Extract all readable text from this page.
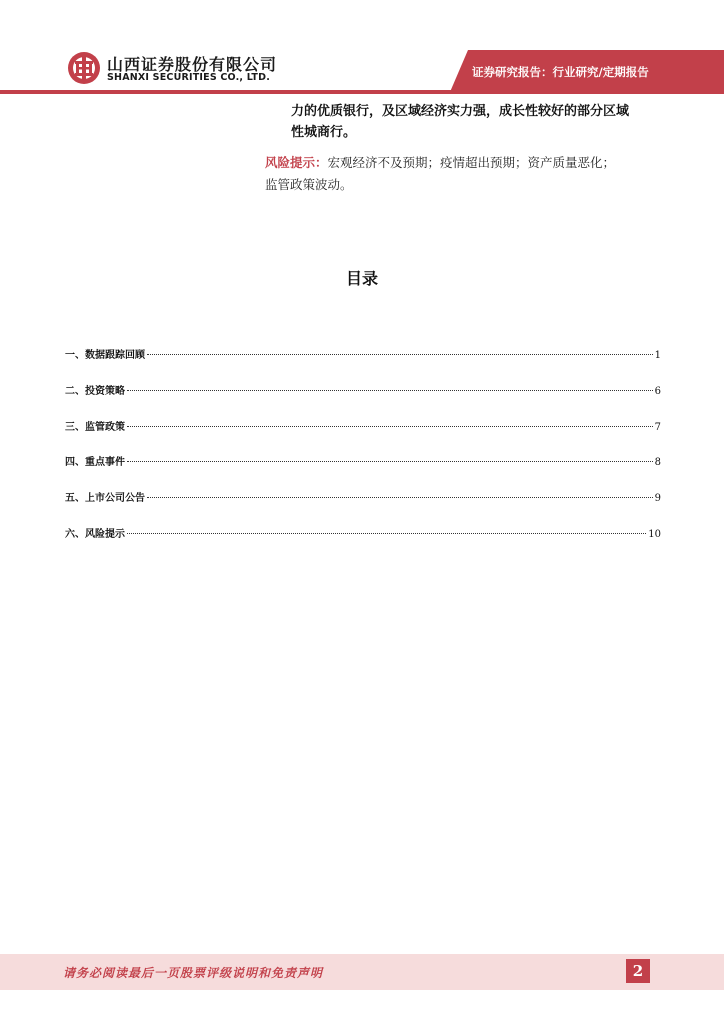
山西证券股份有限公司
SHANXI SECURITIES CO., LTD.	证券研究报告：行业研究/定期报告
力的优质银行，及区域经济实力强，成长性较好的部分区域
性城商行。
风险提示：宏观经济不及预期；疫情超出预期；资产质量恶化；
监管政策波动。
目录
一、数据跟踪回顾	1
二、投资策略	6
三、监管政策	7
四、重点事件	8
五、上市公司公告	9
六、风险提示	10
请务必阅读最后一页股票评级说明和免责声明	2
